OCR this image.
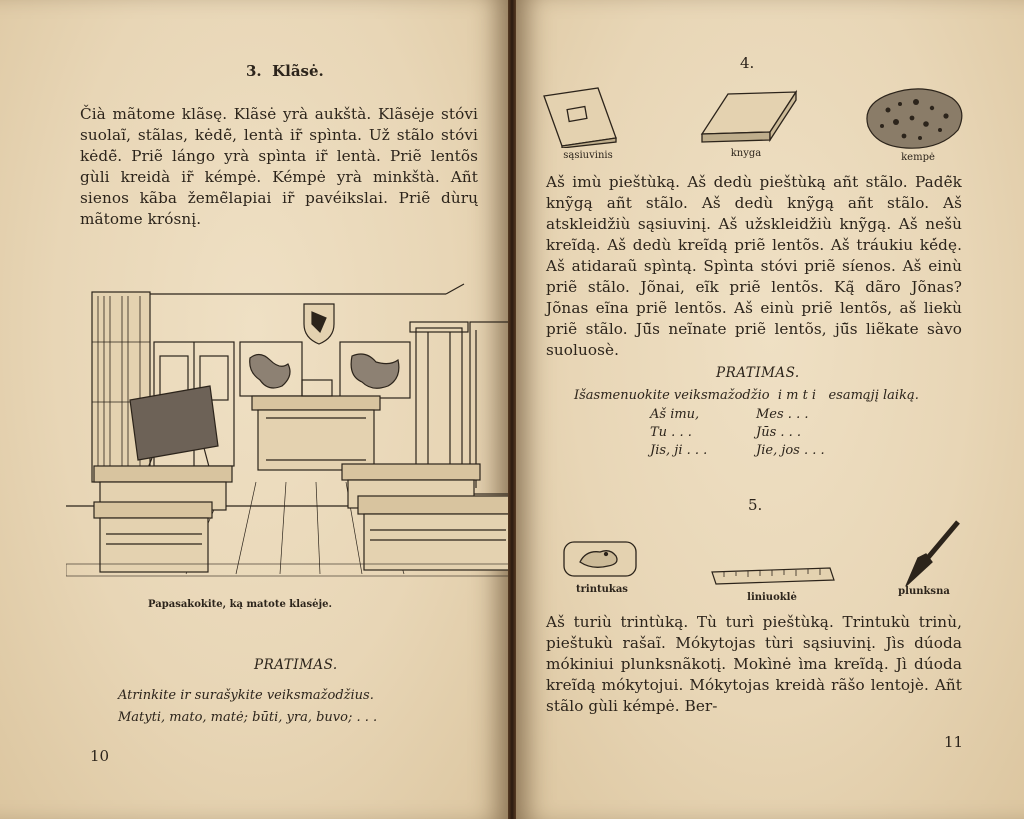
3.  Klãsė.
Čià mãtome klãsę. Klãsė yrà aukštà. Klãsėje stóvi suolaĩ, stãlas, kėdė̃, lentà ir̃ spìnta. Už stãlo stóvi kėdė̃. Priẽ lángo yrà spìnta ir̃ lentà. Priẽ lentõs gùli kreidà ir̃ kémpė. Kémpė yrà minkštà. Añt sienos kãba žemė̃lapiai ir̃ pavéikslai. Priẽ dùrų mãtome krósnį.
Papasakokite, ką matote klasėje.
PRATIMAS.
Atrinkite ir surašykite veiksmažodžius.
Matyti, mato, matė; būti, yra, buvo; . . .
10
4.
sąsiuvinis	knyga	kempė
Aš imù pieštùką. Aš dedù pieštùką añt stãlo. Padė̃k knỹgą añt stãlo. Aš dedù knỹgą añt stãlo. Aš atskleidžiù sąsiuvinį. Aš užskleidžiù knỹgą. Aš nešù kreĩdą. Aš dedù kreĩdą priẽ lentõs. Aš tráukiu kė́dę. Aš atidaraũ spìntą. Spìnta stóvi priẽ síenos. Aš einù priẽ stãlo. Jõnai, eĩk priẽ lentõs. Ką̃ dãro Jõnas? Jõnas eĩna priẽ lentõs. Aš einù priẽ lentõs, aš liekù priẽ stãlo. Jū̃s neĩnate priẽ lentõs, jū̃s liẽkate sàvo suoluosè.
PRATIMAS.
Išasmenuokite veiksmažodžio  i m t i   esamąjį laiką.
Aš imu,
Tu . . .
Jis, ji . . .
Mes . . .
Jūs . . .
Jie, jos . . .
5.
trintukas
liniuoklė
plunksna
Aš turiù trintùką. Tù turì pieštùką. Trintukù trinù, pieštukù rašaĩ. Mókytojas tùri sąsiuvinį. Jìs dúoda mókiniui plunksnãkotį. Mokìnė ìma kreĩdą. Jì dúoda kreĩdą mókytojui. Mókytojas kreidà rãšo lentojè. Añt stãlo gùli kémpė. Ber-
11
